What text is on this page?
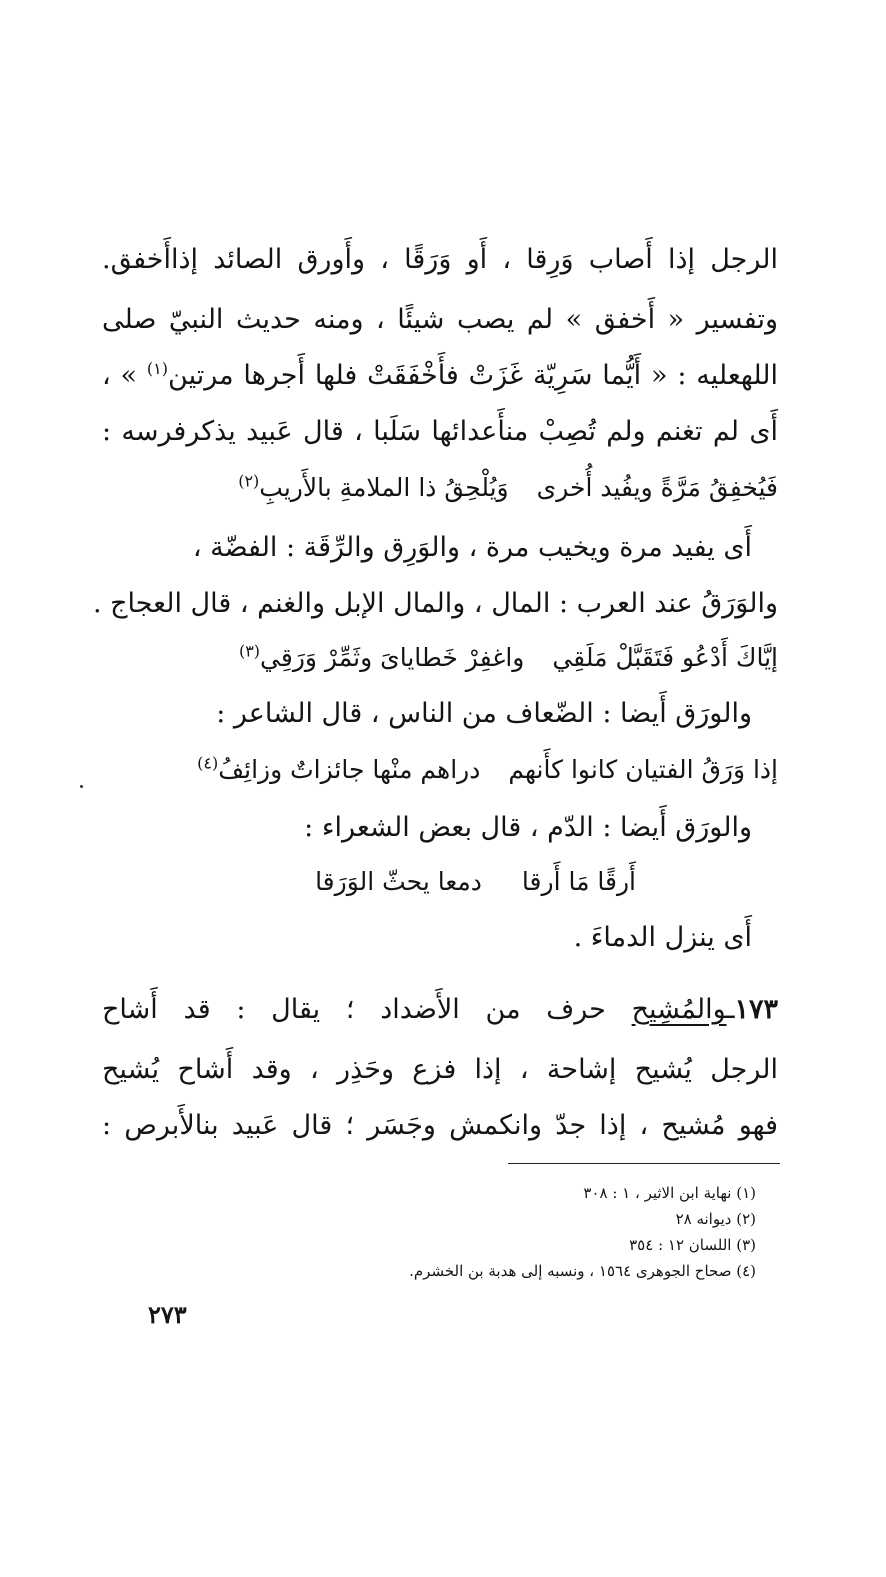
الرجل إذا أَصاب وَرِقا ، أَو وَرَقًا ، وأَورق الصائد إذاأَخفق.
وتفسير « أَخفق » لم يصب شيئًا ، ومنه حديث النبيّ صلى
اللهعليه : « أَيُّما سَرِيّة غَزَتْ فأَخْفَقَتْ فلها أَجرها مرتين$^{(١)}$ » ،
أَى لم تغنم ولم تُصِبْ منأَعدائها سَلَبا ، قال عَبيد يذكرفرسه :
فَيُخفِقُ مَرَّةً ويفُيد أُخرىوَيُلْحِقُ ذا الملامةِ بالأَريبِ$^{(٢)}$
أَى يفيد مرة ويخيب مرة ، والوَرِق والرِّقَة : الفضّة ،
والوَرَقُ عند العرب : المال ، والمال الإبل والغنم ، قال العجاج .
إيَّاكَ أَدْعُو فَتَقَبَّلْ مَلَقِيواغفِرْ خَطاياىَ وثَمِّرْ وَرَقِي$^{(٣)}$
والورَق أَيضا : الضّعاف من الناس ، قال الشاعر :
إذا وَرَقُ الفتيان كانوا كأَنهمدراهم منْها جائزاتٌ وزائِفُ$^{(٤)}$
والورَق أَيضا : الدّم ، قال بعض الشعراء :
أَرقًا مَا أَرقادمعا يحثّ الوَرَقا
أَى ينزل الدماءَ .
١٧٣ـوالمُشِيح حرف من الأَضداد ؛ يقال : قد أَشاح
الرجل يُشيح إشاحة ، إذا فزع وحَذِر ، وقد أَشاح يُشيح
فهو مُشيح ، إذا جدّ وانكمش وجَسَر ؛ قال عَبيد بنالأَبرص :
(١) نهاية ابن الاثير ، ١ : ٣٠٨
(٢) ديوانه ٢٨
(٣) اللسان ١٢ : ٣٥٤
(٤) صحاح الجوهرى ١٥٦٤ ، ونسبه إلى هدبة بن الخشرم.
٢٧٣
